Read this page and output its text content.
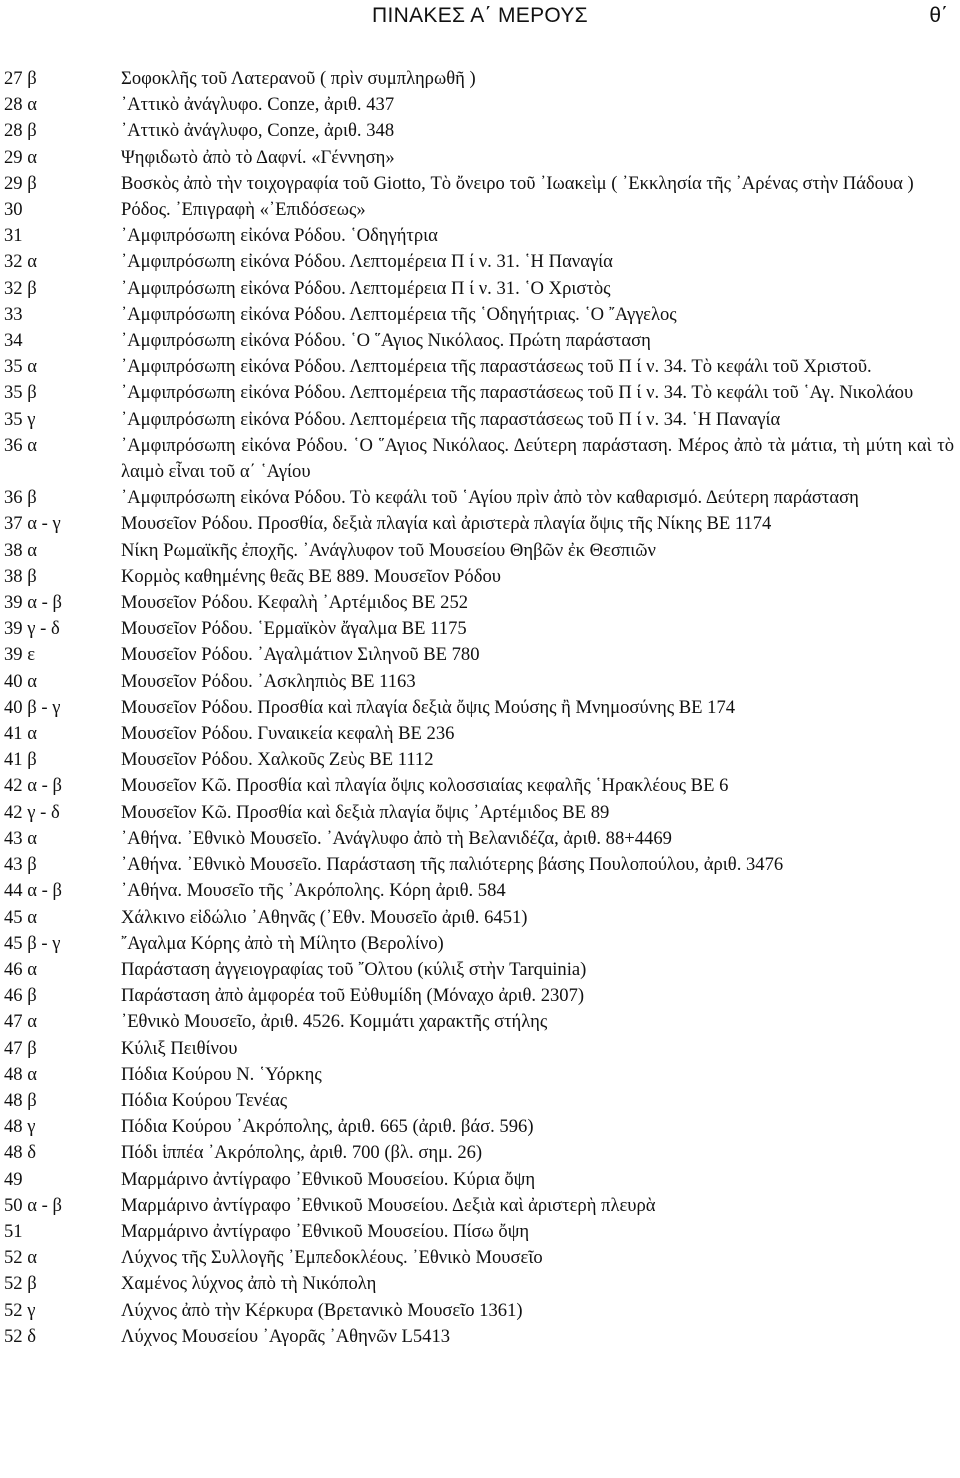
ΠΙΝΑΚΕΣ Α΄ ΜΕΡΟΥΣ	θ΄
27 β	Σοφοκλῆς τοῦ Λατερανοῦ ( πρὶν συμπληρωθῆ )
28 α	᾿Αττικὸ ἀνάγλυφο. Conze, ἀριθ. 437
28 β	᾿Αττικὸ ἀνάγλυφο, Conze, ἀριθ. 348
29 α	Ψηφιδωτὸ ἀπὸ τὸ Δαφνί. «Γέννηση»
29 β	Βοσκὸς ἀπὸ τὴν τοιχογραφία τοῦ Giotto, Τὸ ὄνειρο τοῦ ᾿Ιωακεὶμ ( ᾿Εκκλησία τῆς ᾿Αρένας στὴν Πάδουα )
30	Ρόδος. ᾿Επιγραφὴ «᾿Επιδόσεως»
31	᾿Αμφιπρόσωπη εἰκόνα Ρόδου. ῾Οδηγήτρια
32 α	᾿Αμφιπρόσωπη εἰκόνα Ρόδου. Λεπτομέρεια Π ί ν. 31. ῾Η Παναγία
32 β	᾿Αμφιπρόσωπη εἰκόνα Ρόδου. Λεπτομέρεια Π ί ν. 31. ῾Ο Χριστὸς
33	᾿Αμφιπρόσωπη εἰκόνα Ρόδου. Λεπτομέρεια τῆς ῾Οδηγήτριας. ῾Ο ῎Αγγελος
34	᾿Αμφιπρόσωπη εἰκόνα Ρόδου. ῾Ο ῞Αγιος Νικόλαος. Πρώτη παράσταση
35 α	᾿Αμφιπρόσωπη εἰκόνα Ρόδου. Λεπτομέρεια τῆς παραστάσεως τοῦ Π ί ν. 34. Τὸ κεφάλι τοῦ Χριστοῦ.
35 β	᾿Αμφιπρόσωπη εἰκόνα Ρόδου. Λεπτομέρεια τῆς παραστάσεως τοῦ Π ί ν. 34. Τὸ κεφάλι τοῦ ῾Αγ. Νικολάου
35 γ	᾿Αμφιπρόσωπη εἰκόνα Ρόδου. Λεπτομέρεια τῆς παραστάσεως τοῦ Π ί ν. 34. ῾Η Παναγία
36 α	᾿Αμφιπρόσωπη εἰκόνα Ρόδου. ῾Ο ῞Αγιος Νικόλαος. Δεύτερη παράσταση. Μέρος ἀπὸ τὰ μάτια, τὴ μύτη καὶ τὸ λαιμὸ εἶναι τοῦ α΄ ῾Αγίου
36 β	᾿Αμφιπρόσωπη εἰκόνα Ρόδου. Τὸ κεφάλι τοῦ ῾Αγίου πρὶν ἀπὸ τὸν καθαρισμό. Δεύτερη παράσταση
37 α - γ	Μουσεῖον Ρόδου. Προσθία, δεξιὰ πλαγία καὶ ἀριστερὰ πλαγία ὄψις τῆς Νίκης ΒΕ 1174
38 α	Νίκη Ρωμαϊκῆς ἐποχῆς. ᾿Ανάγλυφον τοῦ Μουσείου Θηβῶν ἐκ Θεσπιῶν
38 β	Κορμὸς καθημένης θεᾶς ΒΕ 889. Μουσεῖον Ρόδου
39 α - β	Μουσεῖον Ρόδου. Κεφαλὴ ᾿Αρτέμιδος ΒΕ 252
39 γ - δ	Μουσεῖον Ρόδου. ῾Ερμαϊκὸν ἄγαλμα ΒΕ 1175
39 ε	Μουσεῖον Ρόδου. ᾿Αγαλμάτιον Σιληνοῦ ΒΕ 780
40 α	Μουσεῖον Ρόδου. ᾿Ασκληπιὸς ΒΕ 1163
40 β - γ	Μουσεῖον Ρόδου. Προσθία καὶ πλαγία δεξιὰ ὄψις Μούσης ἢ Μνημοσύνης ΒΕ 174
41 α	Μουσεῖον Ρόδου. Γυναικεία κεφαλὴ ΒΕ 236
41 β	Μουσεῖον Ρόδου. Χαλκοῦς Ζεὺς ΒΕ 1112
42 α - β	Μουσεῖον Κῶ. Προσθία καὶ πλαγία ὄψις κολοσσιαίας κεφαλῆς ῾Ηρακλέους ΒΕ 6
42 γ - δ	Μουσεῖον Κῶ. Προσθία καὶ δεξιὰ πλαγία ὄψις ᾿Αρτέμιδος ΒΕ 89
43 α	᾿Αθήνα. ᾿Εθνικὸ Μουσεῖο. ᾿Ανάγλυφο ἀπὸ τὴ Βελανιδέζα, ἀριθ. 88+4469
43 β	᾿Αθήνα. ᾿Εθνικὸ Μουσεῖο. Παράσταση τῆς παλιότερης βάσης Πουλοπούλου, ἀριθ. 3476
44 α - β	᾿Αθήνα. Μουσεῖο τῆς ᾿Ακρόπολης. Κόρη ἀριθ. 584
45 α	Χάλκινο εἰδώλιο ᾿Αθηνᾶς (᾿Εθν. Μουσεῖο ἀριθ. 6451)
45 β - γ	῎Αγαλμα Κόρης ἀπὸ τὴ Μίλητο (Βερολίνο)
46 α	Παράσταση ἀγγειογραφίας τοῦ ῎Ολτου (κύλιξ στὴν Tarquinia)
46 β	Παράσταση ἀπὸ ἀμφορέα τοῦ Εὐθυμίδη (Μόναχο ἀριθ. 2307)
47 α	᾿Εθνικὸ Μουσεῖο, ἀριθ. 4526. Κομμάτι χαρακτῆς στήλης
47 β	Κύλιξ Πειθίνου
48 α	Πόδια Κούρου Ν. ῾Υόρκης
48 β	Πόδια Κούρου Τενέας
48 γ	Πόδια Κούρου ᾿Ακρόπολης, ἀριθ. 665 (ἀριθ. βάσ. 596)
48 δ	Πόδι ἱππέα ᾿Ακρόπολης, ἀριθ. 700 (βλ. σημ. 26)
49	Μαρμάρινο ἀντίγραφο ᾿Εθνικοῦ Μουσείου. Κύρια ὄψη
50 α - β	Μαρμάρινο ἀντίγραφο ᾿Εθνικοῦ Μουσείου. Δεξιὰ καὶ ἀριστερὴ πλευρὰ
51	Μαρμάρινο ἀντίγραφο ᾿Εθνικοῦ Μουσείου. Πίσω ὄψη
52 α	Λύχνος τῆς Συλλογῆς ᾿Εμπεδοκλέους. ᾿Εθνικὸ Μουσεῖο
52 β	Χαμένος λύχνος ἀπὸ τὴ Νικόπολη
52 γ	Λύχνος ἀπὸ τὴν Κέρκυρα (Βρετανικὸ Μουσεῖο 1361)
52 δ	Λύχνος Μουσείου ᾿Αγορᾶς ᾿Αθηνῶν L5413
